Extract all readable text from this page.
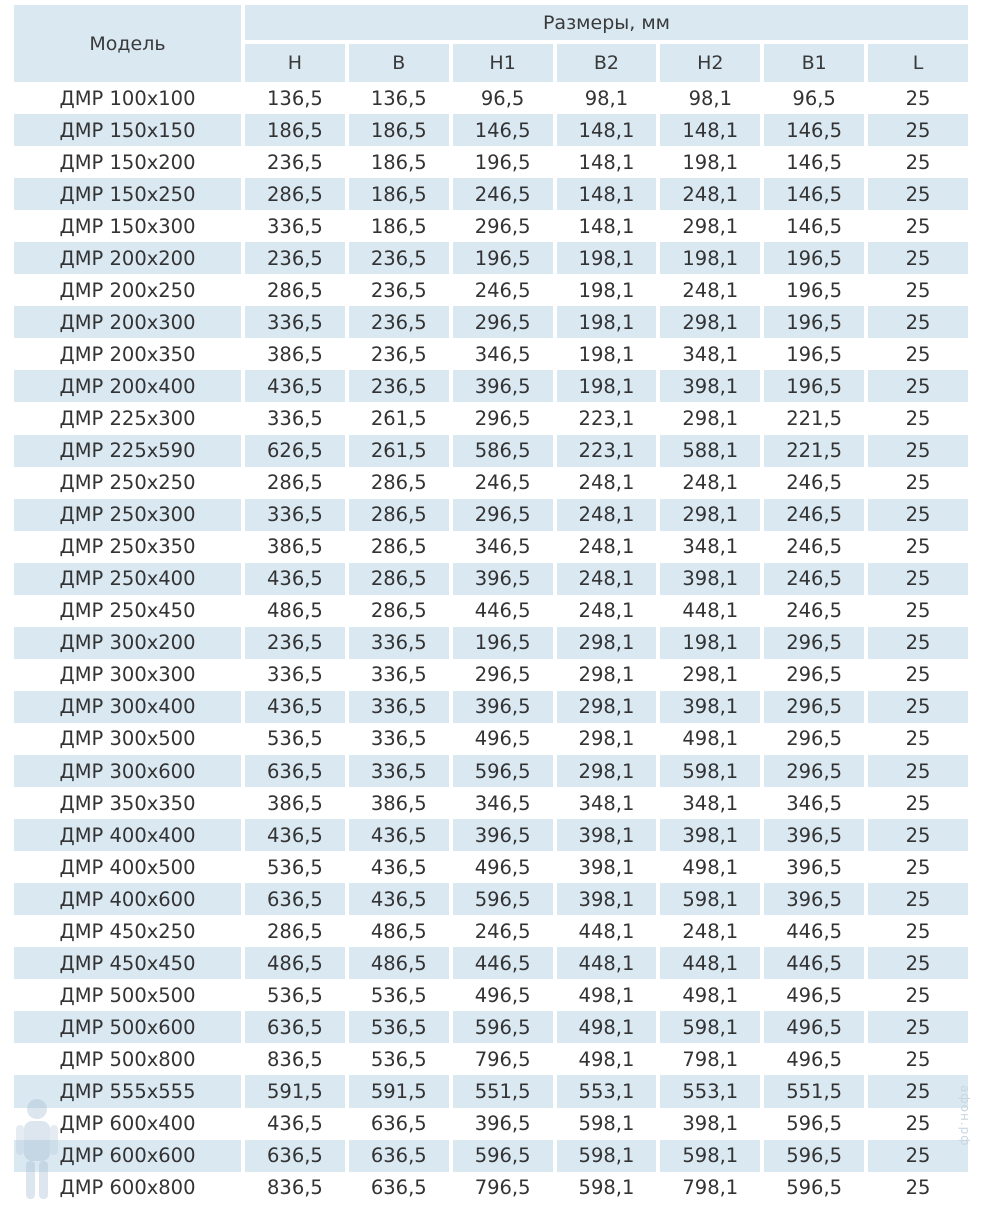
Модель	Размеры, мм						

	H	B	H1	B2	H2	B1	L
ДМР 100х100	136,5	136,5	96,5	98,1	98,1	96,5	25
ДМР 150х150	186,5	186,5	146,5	148,1	148,1	146,5	25
ДМР 150х200	236,5	186,5	196,5	148,1	198,1	146,5	25
ДМР 150х250	286,5	186,5	246,5	148,1	248,1	146,5	25
ДМР 150х300	336,5	186,5	296,5	148,1	298,1	146,5	25
ДМР 200х200	236,5	236,5	196,5	198,1	198,1	196,5	25
ДМР 200х250	286,5	236,5	246,5	198,1	248,1	196,5	25
ДМР 200х300	336,5	236,5	296,5	198,1	298,1	196,5	25
ДМР 200х350	386,5	236,5	346,5	198,1	348,1	196,5	25
ДМР 200х400	436,5	236,5	396,5	198,1	398,1	196,5	25
ДМР 225х300	336,5	261,5	296,5	223,1	298,1	221,5	25
ДМР 225х590	626,5	261,5	586,5	223,1	588,1	221,5	25
ДМР 250х250	286,5	286,5	246,5	248,1	248,1	246,5	25
ДМР 250х300	336,5	286,5	296,5	248,1	298,1	246,5	25
ДМР 250х350	386,5	286,5	346,5	248,1	348,1	246,5	25
ДМР 250х400	436,5	286,5	396,5	248,1	398,1	246,5	25
ДМР 250х450	486,5	286,5	446,5	248,1	448,1	246,5	25
ДМР 300х200	236,5	336,5	196,5	298,1	198,1	296,5	25
ДМР 300х300	336,5	336,5	296,5	298,1	298,1	296,5	25
ДМР 300х400	436,5	336,5	396,5	298,1	398,1	296,5	25
ДМР 300х500	536,5	336,5	496,5	298,1	498,1	296,5	25
ДМР 300х600	636,5	336,5	596,5	298,1	598,1	296,5	25
ДМР 350х350	386,5	386,5	346,5	348,1	348,1	346,5	25
ДМР 400х400	436,5	436,5	396,5	398,1	398,1	396,5	25
ДМР 400х500	536,5	436,5	496,5	398,1	498,1	396,5	25
ДМР 400х600	636,5	436,5	596,5	398,1	598,1	396,5	25
ДМР 450х250	286,5	486,5	246,5	448,1	248,1	446,5	25
ДМР 450х450	486,5	486,5	446,5	448,1	448,1	446,5	25
ДМР 500х500	536,5	536,5	496,5	498,1	498,1	496,5	25
ДМР 500х600	636,5	536,5	596,5	498,1	598,1	496,5	25
ДМР 500х800	836,5	536,5	796,5	498,1	798,1	496,5	25
ДМР 555х555	591,5	591,5	551,5	553,1	553,1	551,5	25
ДМР 600х400	436,5	636,5	396,5	598,1	398,1	596,5	25
ДМР 600х600	636,5	636,5	596,5	598,1	598,1	596,5	25
ДМР 600х800	836,5	636,5	796,5	598,1	798,1	596,5	25
афон.рф
